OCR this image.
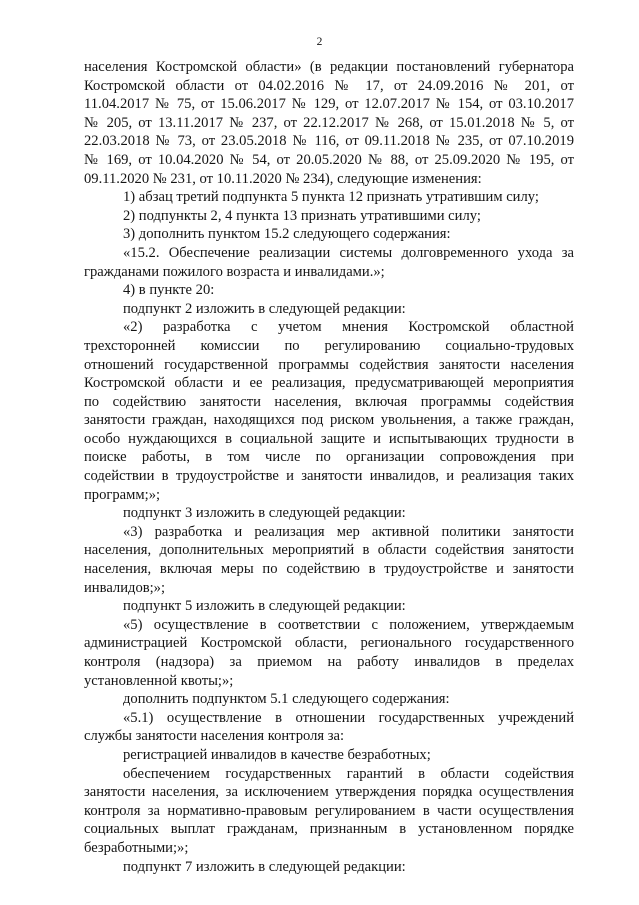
2
населения Костромской области» (в редакции постановлений губернатора
Костромской области от 04.02.2016 № 17, от 24.09.2016 № 201, от
11.04.2017 № 75, от 15.06.2017 № 129, от 12.07.2017 № 154, от 03.10.2017
№ 205, от 13.11.2017 № 237, от 22.12.2017 № 268, от 15.01.2018 № 5, от
22.03.2018 № 73, от 23.05.2018 № 116, от 09.11.2018 № 235, от 07.10.2019
№ 169, от 10.04.2020 № 54, от 20.05.2020 № 88, от 25.09.2020 № 195, от
09.11.2020 № 231, от 10.11.2020 № 234), следующие изменения:
1) абзац третий подпункта 5 пункта 12 признать утратившим силу;
2) подпункты 2, 4 пункта 13 признать утратившими силу;
3) дополнить пунктом 15.2 следующего содержания:
«15.2. Обеспечение реализации системы долговременного ухода за
гражданами пожилого возраста и инвалидами.»;
4) в пункте 20:
подпункт 2 изложить в следующей редакции:
«2) разработка с учетом мнения Костромской областной
трехсторонней комиссии по регулированию социально-трудовых
отношений государственной программы содействия занятости населения
Костромской области и ее реализация, предусматривающей мероприятия
по содействию занятости населения, включая программы содействия
занятости граждан, находящихся под риском увольнения, а также граждан,
особо нуждающихся в социальной защите и испытывающих трудности в
поиске работы, в том числе по организации сопровождения при
содействии в трудоустройстве и занятости инвалидов, и реализация таких
программ;»;
подпункт 3 изложить в следующей редакции:
«3) разработка и реализация мер активной политики занятости
населения, дополнительных мероприятий в области содействия занятости
населения, включая меры по содействию в трудоустройстве и занятости
инвалидов;»;
подпункт 5 изложить в следующей редакции:
«5) осуществление в соответствии с положением, утверждаемым
администрацией Костромской области, регионального государственного
контроля (надзора) за приемом на работу инвалидов в пределах
установленной квоты;»;
дополнить подпунктом 5.1 следующего содержания:
«5.1) осуществление в отношении государственных учреждений
службы занятости населения контроля за:
регистрацией инвалидов в качестве безработных;
обеспечением государственных гарантий в области содействия
занятости населения, за исключением утверждения порядка осуществления
контроля за нормативно-правовым регулированием в части осуществления
социальных выплат гражданам, признанным в установленном порядке
безработными;»;
подпункт 7 изложить в следующей редакции:
